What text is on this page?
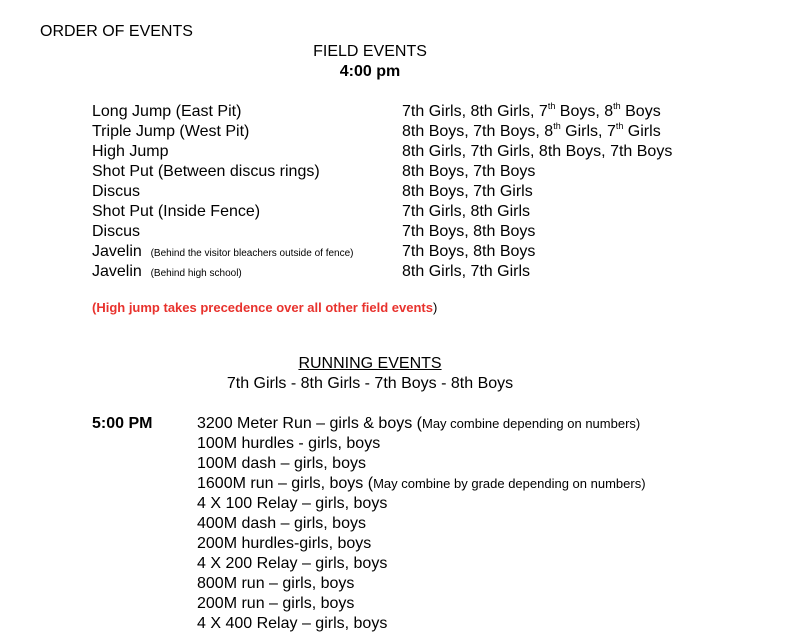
ORDER OF EVENTS
FIELD EVENTS
4:00 pm
Long Jump (East Pit)	7th Girls, 8th Girls, 7th Boys, 8th Boys
Triple Jump (West Pit)	8th Boys, 7th Boys, 8th Girls, 7th Girls
High Jump	8th Girls, 7th Girls, 8th Boys, 7th Boys
Shot Put (Between discus rings)	8th Boys, 7th Boys
Discus	8th Boys, 7th Girls
Shot Put (Inside Fence)	7th Girls, 8th Girls
Discus	7th Boys, 8th Boys
Javelin (Behind the visitor bleachers outside of fence)	7th Boys, 8th Boys
Javelin (Behind high school)	8th Girls, 7th Girls
(High jump takes precedence over all other field events)
RUNNING EVENTS
7th Girls - 8th Girls - 7th Boys - 8th Boys
5:00 PM	3200 Meter Run – girls & boys (May combine depending on numbers)
100M hurdles - girls, boys
100M dash – girls, boys
1600M run – girls, boys (May combine by grade depending on numbers)
4 X 100 Relay – girls, boys
400M dash – girls, boys
200M hurdles-girls, boys
4 X 200 Relay – girls, boys
800M run – girls, boys
200M run – girls, boys
4 X 400 Relay – girls, boys
